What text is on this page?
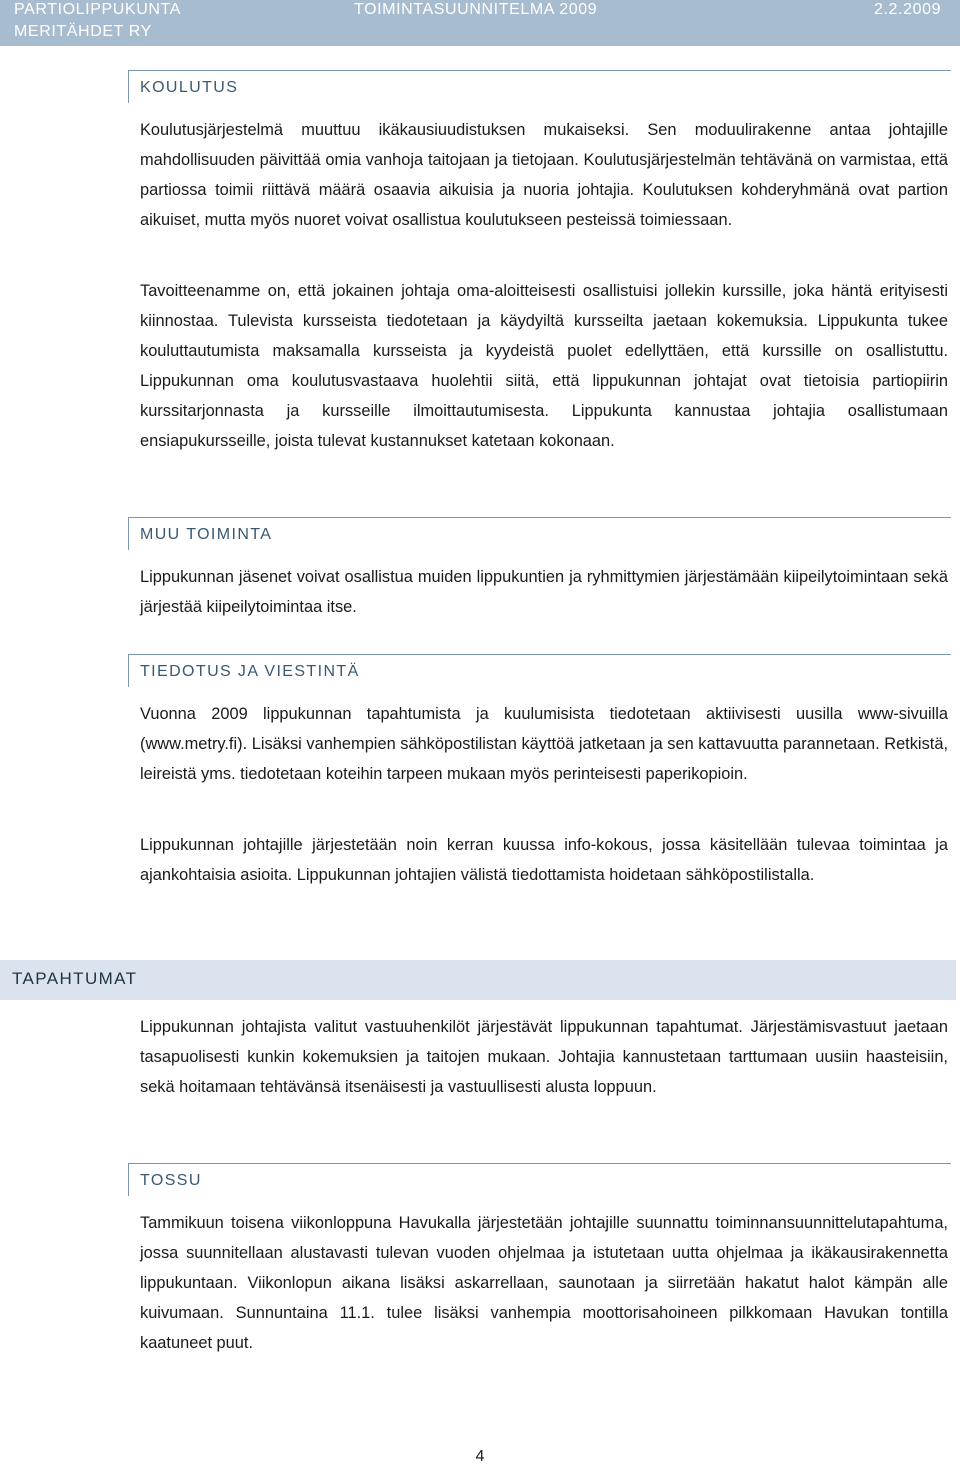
PARTIOLIPPUKUNTA
MERITÄHDET RY
TOIMINTASUUNNITELMA 2009	2.2.2009
KOULUTUS

Koulutusjärjestelmä muuttuu ikäkausiuudistuksen mukaiseksi. Sen moduulirakenne antaa johtajille mahdollisuuden päivittää omia vanhoja taitojaan ja tietojaan. Koulutusjärjestelmän tehtävänä on varmistaa, että partiossa toimii riittävä määrä osaavia aikuisia ja nuoria johtajia. Koulutuksen kohderyhmänä ovat partion aikuiset, mutta myös nuoret voivat osallistua koulutukseen pesteissä toimiessaan.

Tavoitteenamme on, että jokainen johtaja oma-aloitteisesti osallistuisi jollekin kurssille, joka häntä erityisesti kiinnostaa. Tulevista kursseista tiedotetaan ja käydyiltä kursseilta jaetaan kokemuksia. Lippukunta tukee kouluttautumista maksamalla kursseista ja kyydeistä puolet edellyttäen, että kurssille on osallistuttu. Lippukunnan oma koulutusvastaava huolehtii siitä, että lippukunnan johtajat ovat tietoisia partiopiirin kurssitarjonnasta ja kursseille ilmoittautumisesta. Lippukunta kannustaa johtajia osallistumaan ensiapukursseille, joista tulevat kustannukset katetaan kokonaan.

MUU TOIMINTA

Lippukunnan jäsenet voivat osallistua muiden lippukuntien ja ryhmittymien järjestämään kiipeilytoimintaan sekä järjestää kiipeilytoimintaa itse.

TIEDOTUS JA VIESTINTÄ

Vuonna 2009 lippukunnan tapahtumista ja kuulumisista tiedotetaan aktiivisesti uusilla www-sivuilla (www.metry.fi). Lisäksi vanhempien sähköpostilistan käyttöä jatketaan ja sen kattavuutta parannetaan. Retkistä, leireistä yms. tiedotetaan koteihin tarpeen mukaan myös perinteisesti paperikopioin.

Lippukunnan johtajille järjestetään noin kerran kuussa info-kokous, jossa käsitellään tulevaa toimintaa ja ajankohtaisia asioita. Lippukunnan johtajien välistä tiedottamista hoidetaan sähköpostilistalla.

TAPAHTUMAT

Lippukunnan johtajista valitut vastuuhenkilöt järjestävät lippukunnan tapahtumat. Järjestämisvastuut jaetaan tasapuolisesti kunkin kokemuksien ja taitojen mukaan. Johtajia kannustetaan tarttumaan uusiin haasteisiin, sekä hoitamaan tehtävänsä itsenäisesti ja vastuullisesti alusta loppuun.

TOSSU

Tammikuun toisena viikonloppuna Havukalla järjestetään johtajille suunnattu toiminnansuunnittelutapahtuma, jossa suunnitellaan alustavasti tulevan vuoden ohjelmaa ja istutetaan uutta ohjelmaa ja ikäkausirakennetta lippukuntaan. Viikonlopun aikana lisäksi askarrellaan, saunotaan ja siirretään hakatut halot kämpän alle kuivumaan. Sunnuntaina 11.1. tulee lisäksi vanhempia moottorisahoineen pilkkomaan Havukan tontilla kaatuneet puut.

4
